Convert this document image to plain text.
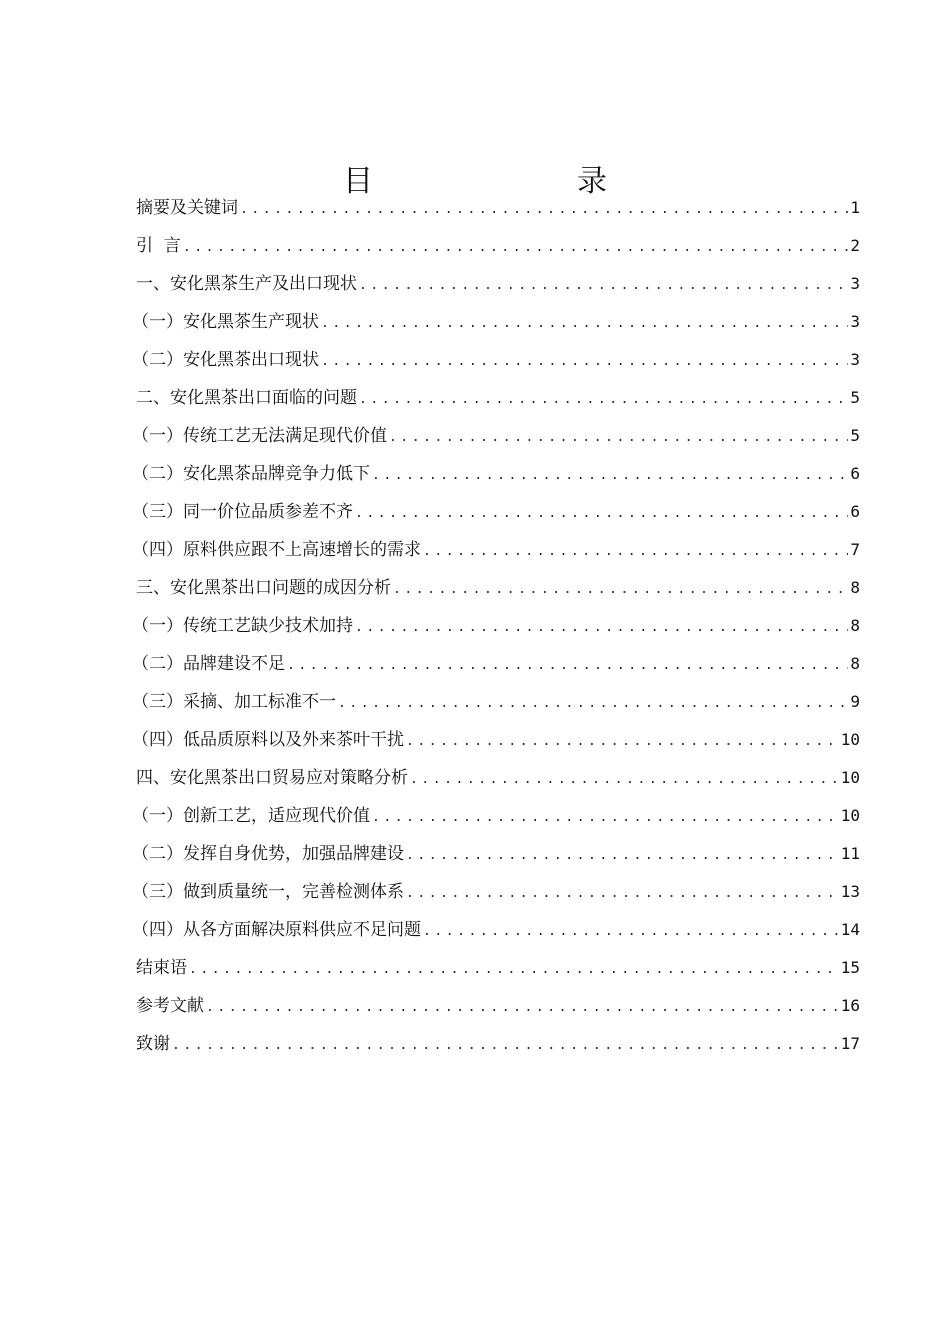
目　　录
摘要及关键词 .....	1
引  言 .....	2
一、安化黑茶生产及出口现状 .....	3
（一）安化黑茶生产现状 .....	3
（二）安化黑茶出口现状 .....	3
二、安化黑茶出口面临的问题 .....	5
（一）传统工艺无法满足现代价值 .....	5
（二）安化黑茶品牌竞争力低下 .....	6
（三）同一价位品质参差不齐 .....	6
（四）原料供应跟不上高速增长的需求 .....	7
三、安化黑茶出口问题的成因分析 .....	8
（一）传统工艺缺少技术加持 .....	8
（二）品牌建设不足 .....	8
（三）采摘、加工标准不一 .....	9
（四）低品质原料以及外来茶叶干扰 .....	10
四、安化黑茶出口贸易应对策略分析 .....	10
（一）创新工艺，适应现代价值 .....	10
（二）发挥自身优势，加强品牌建设 .....	11
（三）做到质量统一，完善检测体系 .....	13
（四）从各方面解决原料供应不足问题 .....	14
结束语 .....	15
参考文献 .....	16
致谢 .....	17
